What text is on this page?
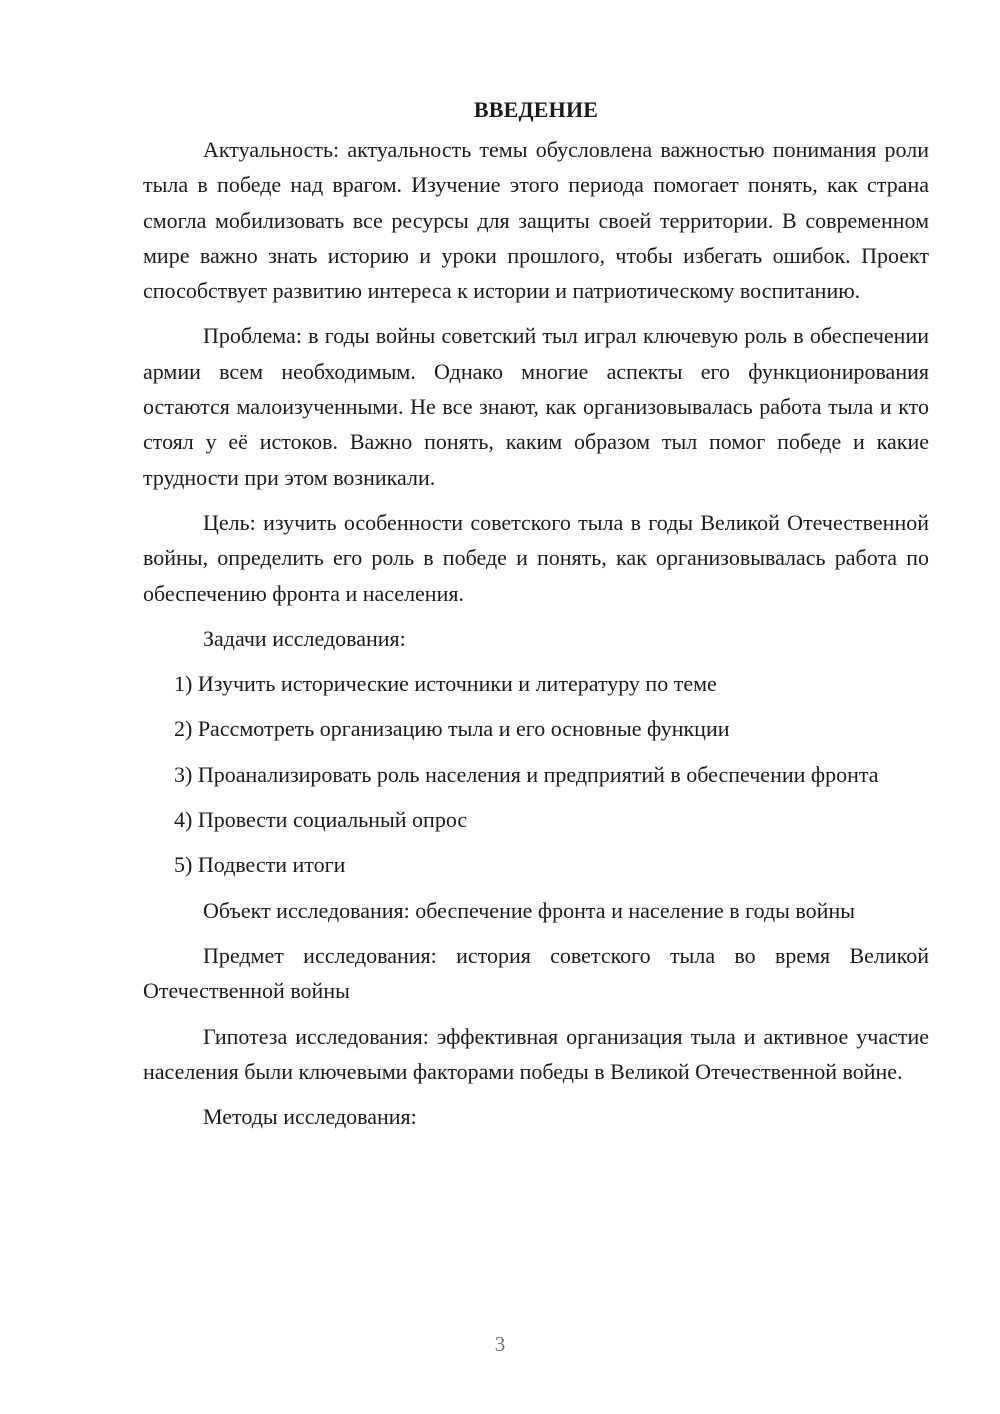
ВВЕДЕНИЕ

Актуальность: актуальность темы обусловлена важностью понимания роли тыла в победе над врагом. Изучение этого периода помогает понять, как страна смогла мобилизовать все ресурсы для защиты своей территории. В современном мире важно знать историю и уроки прошлого, чтобы избегать ошибок. Проект способствует развитию интереса к истории и патриотическому воспитанию.

Проблема: в годы войны советский тыл играл ключевую роль в обеспечении армии всем необходимым. Однако многие аспекты его функционирования остаются малоизученными. Не все знают, как организовывалась работа тыла и кто стоял у её истоков. Важно понять, каким образом тыл помог победе и какие трудности при этом возникали.

Цель: изучить особенности советского тыла в годы Великой Отечественной войны, определить его роль в победе и понять, как организовывалась работа по обеспечению фронта и населения.

Задачи исследования:

1) Изучить исторические источники и литературу по теме

2) Рассмотреть организацию тыла и его основные функции

3) Проанализировать роль населения и предприятий в обеспечении фронта

4) Провести социальный опрос

5) Подвести итоги

Объект исследования: обеспечение фронта и население в годы войны

Предмет исследования: история советского тыла во время Великой Отечественной войны

Гипотеза исследования: эффективная организация тыла и активное участие населения были ключевыми факторами победы в Великой Отечественной войне.

Методы исследования:

3
